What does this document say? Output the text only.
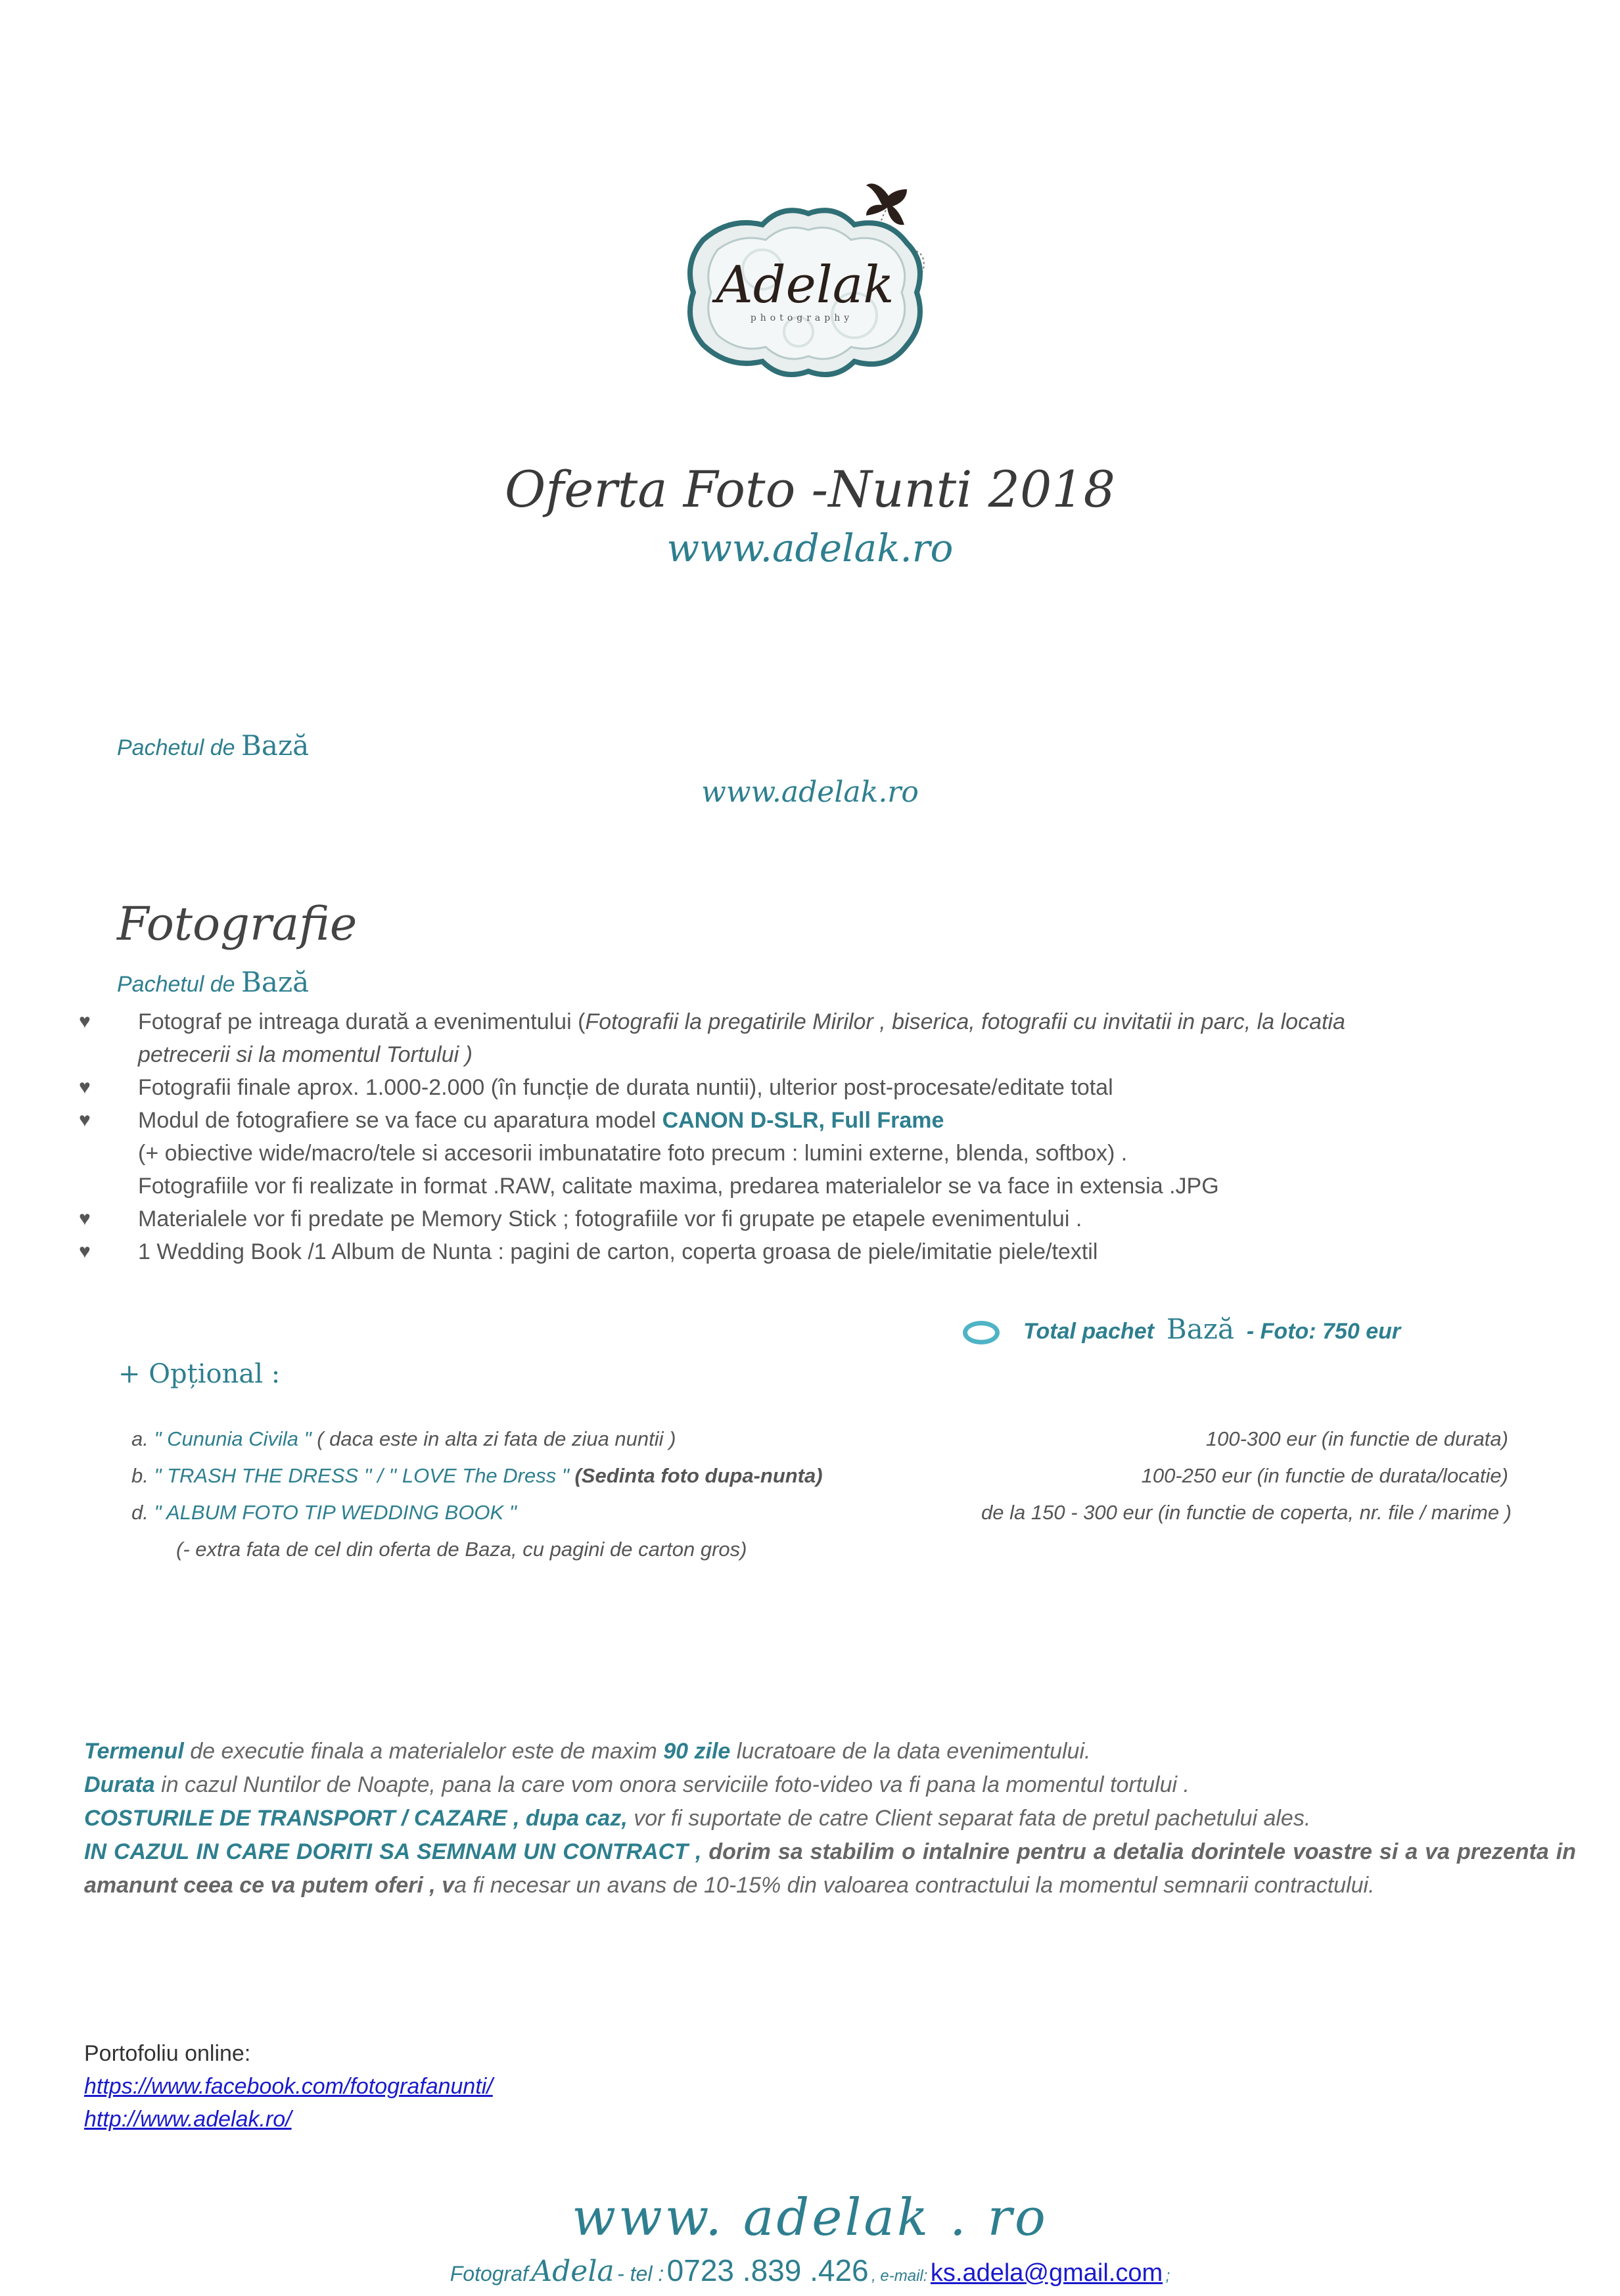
Adelak
photography
Oferta Foto -Nunti 2018
www.adelak.ro
Pachetul de Bază
www.adelak.ro
Fotografie
Pachetul de Bază
♥ Fotograf pe intreaga durată a evenimentului (Fotografii la pregatirile Mirilor , biserica, fotografii cu invitatii in parc, la locatia
petrecerii si la momentul Tortului )
♥ Fotografii finale aprox. 1.000-2.000 (în funcție de durata nuntii), ulterior post-procesate/editate total
♥ Modul de fotografiere se va face cu aparatura model CANON D-SLR, Full Frame
(+ obiective wide/macro/tele si accesorii imbunatatire foto precum : lumini externe, blenda, softbox) .
Fotografiile vor fi realizate in format .RAW, calitate maxima, predarea materialelor se va face in extensia .JPG
♥ Materialele vor fi predate pe Memory Stick ; fotografiile vor fi grupate pe etapele evenimentului .
♥ 1 Wedding Book /1 Album de Nunta : pagini de carton, coperta groasa de piele/imitatie piele/textil
Total pachet Bază - Foto: 750 eur
+ Opțional :
a. " Cununia Civila " ( daca este in alta zi fata de ziua nuntii )	100-300 eur (in functie de durata)
b. " TRASH THE DRESS '' / '' LOVE The Dress " (Sedinta foto dupa-nunta)	100-250 eur (in functie de durata/locatie)
d. " ALBUM FOTO TIP WEDDING BOOK "	de la 150 - 300 eur (in functie de coperta, nr. file / marime )
(- extra fata de cel din oferta de Baza, cu pagini de carton gros)
Termenul de executie finala a materialelor este de maxim 90 zile lucratoare de la data evenimentului.
Durata in cazul Nuntilor de Noapte, pana la care vom onora serviciile foto-video va fi pana la momentul tortului .
COSTURILE DE TRANSPORT / CAZARE , dupa caz, vor fi suportate de catre Client separat fata de pretul pachetului ales.
IN CAZUL IN CARE DORITI SA SEMNAM UN CONTRACT , dorim sa stabilim o intalnire pentru a detalia dorintele voastre si a va prezenta in amanunt ceea ce va putem oferi , va fi necesar un avans de 10-15% din valoarea contractului la momentul semnarii contractului.
Portofoliu online:
https://www.facebook.com/fotografanunti/
http://www.adelak.ro/
www. adelak . ro
Fotograf Adela - tel : 0723 .839 .426 , e-mail: ks.adela@gmail.com ;
